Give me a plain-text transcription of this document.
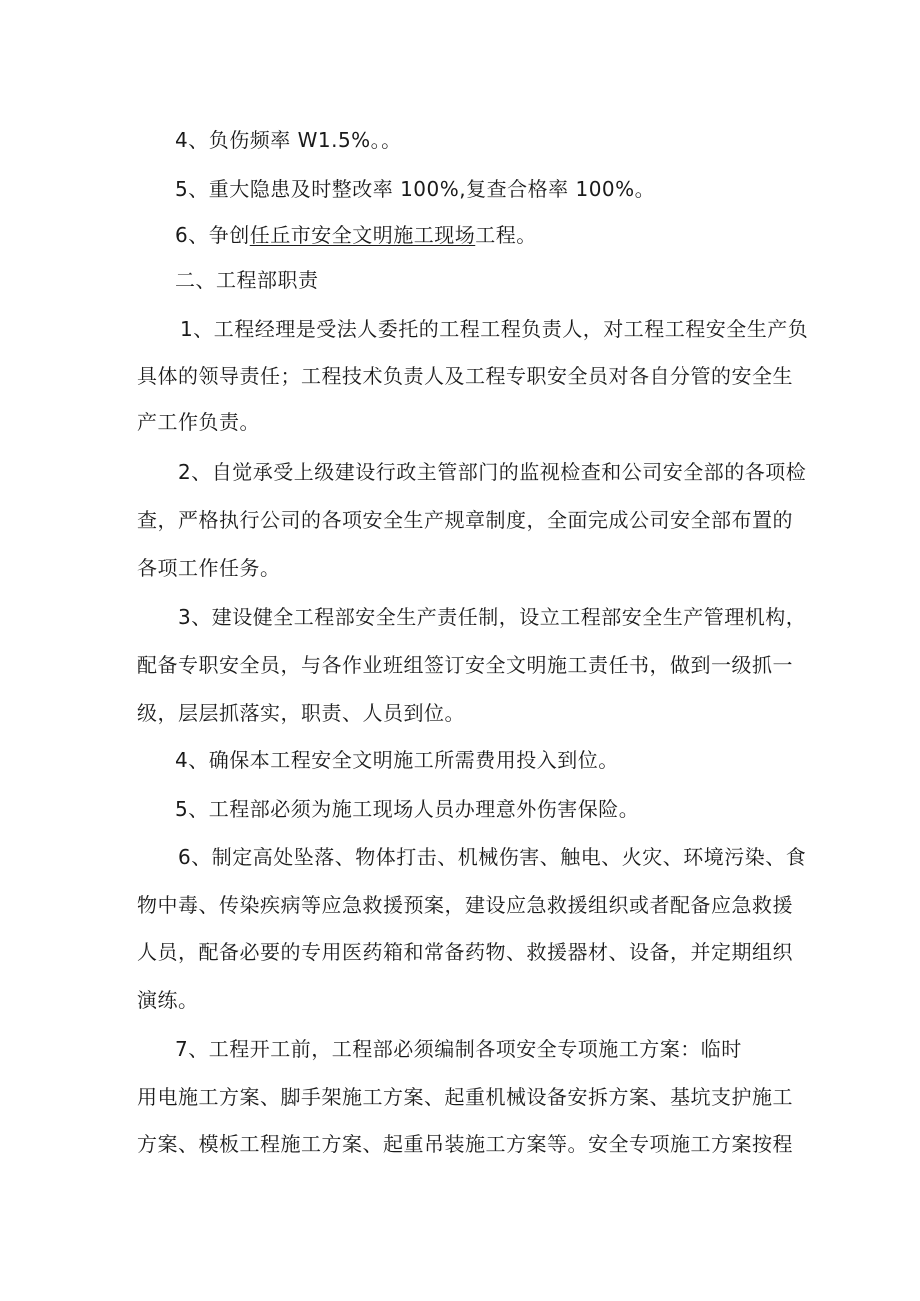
4、负伤频率 W1.5%。。
5、重大隐患及时整改率 100%,复查合格率 100%。
6、争创任丘市安全文明施工现场工程。
二、工程部职责
1、工程经理是受法人委托的工程工程负责人，对工程工程安全生产负
具体的领导责任；工程技术负责人及工程专职安全员对各自分管的安全生
产工作负责。
2、自觉承受上级建设行政主管部门的监视检查和公司安全部的各项检
查，严格执行公司的各项安全生产规章制度，全面完成公司安全部布置的
各项工作任务。
3、建设健全工程部安全生产责任制，设立工程部安全生产管理机构，
配备专职安全员，与各作业班组签订安全文明施工责任书，做到一级抓一
级，层层抓落实，职责、人员到位。
4、确保本工程安全文明施工所需费用投入到位。
5、工程部必须为施工现场人员办理意外伤害保险。
6、制定高处坠落、物体打击、机械伤害、触电、火灾、环境污染、食
物中毒、传染疾病等应急救援预案，建设应急救援组织或者配备应急救援
人员，配备必要的专用医药箱和常备药物、救援器材、设备，并定期组织
演练。
7、工程开工前，工程部必须编制各项安全专项施工方案：临时
用电施工方案、脚手架施工方案、起重机械设备安拆方案、基坑支护施工
方案、模板工程施工方案、起重吊装施工方案等。安全专项施工方案按程
